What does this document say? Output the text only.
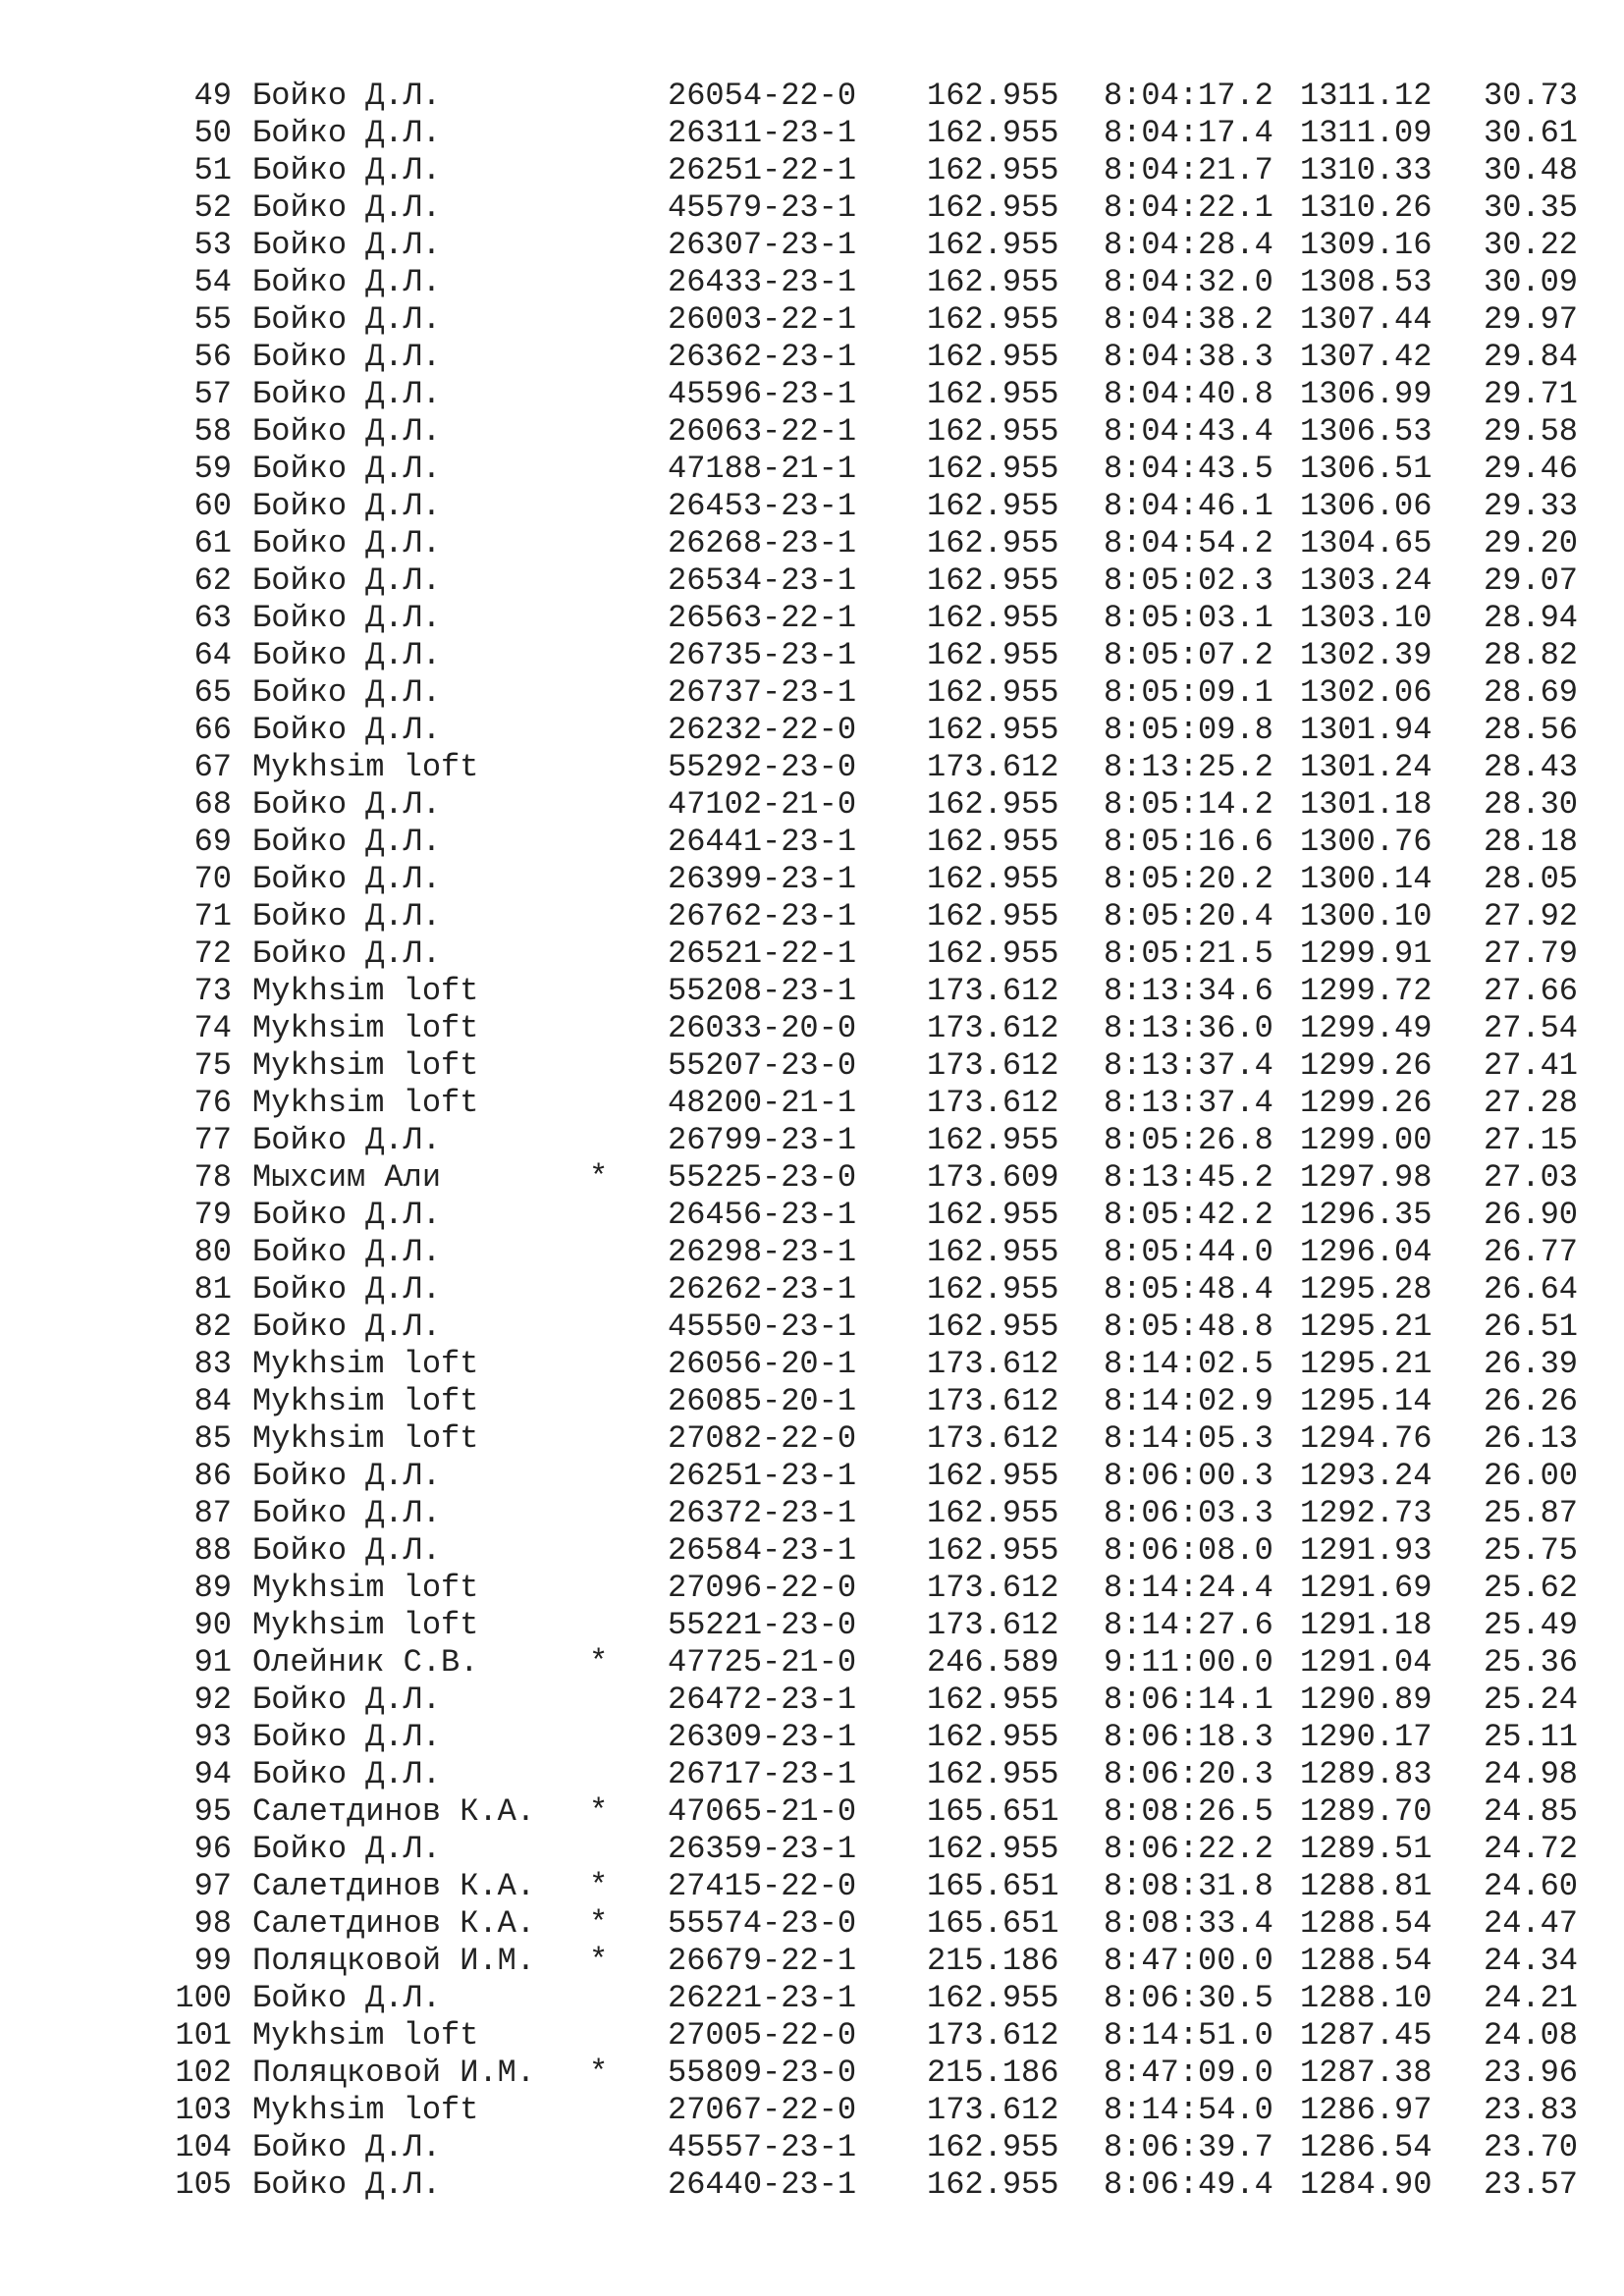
49 Бойко Д.Л.	26054-22-0 162.955 8:04:17.2 1311.12 30.73
50 Бойко Д.Л.	26311-23-1 162.955 8:04:17.4 1311.09 30.61
51 Бойко Д.Л.	26251-22-1 162.955 8:04:21.7 1310.33 30.48
52 Бойко Д.Л.	45579-23-1 162.955 8:04:22.1 1310.26 30.35
53 Бойко Д.Л.	26307-23-1 162.955 8:04:28.4 1309.16 30.22
54 Бойко Д.Л.	26433-23-1 162.955 8:04:32.0 1308.53 30.09
55 Бойко Д.Л.	26003-22-1 162.955 8:04:38.2 1307.44 29.97
56 Бойко Д.Л.	26362-23-1 162.955 8:04:38.3 1307.42 29.84
57 Бойко Д.Л.	45596-23-1 162.955 8:04:40.8 1306.99 29.71
58 Бойко Д.Л.	26063-22-1 162.955 8:04:43.4 1306.53 29.58
59 Бойко Д.Л.	47188-21-1 162.955 8:04:43.5 1306.51 29.46
60 Бойко Д.Л.	26453-23-1 162.955 8:04:46.1 1306.06 29.33
61 Бойко Д.Л.	26268-23-1 162.955 8:04:54.2 1304.65 29.20
62 Бойко Д.Л.	26534-23-1 162.955 8:05:02.3 1303.24 29.07
63 Бойко Д.Л.	26563-22-1 162.955 8:05:03.1 1303.10 28.94
64 Бойко Д.Л.	26735-23-1 162.955 8:05:07.2 1302.39 28.82
65 Бойко Д.Л.	26737-23-1 162.955 8:05:09.1 1302.06 28.69
66 Бойко Д.Л.	26232-22-0 162.955 8:05:09.8 1301.94 28.56
67 Mykhsim loft	55292-23-0 173.612 8:13:25.2 1301.24 28.43
68 Бойко Д.Л.	47102-21-0 162.955 8:05:14.2 1301.18 28.30
69 Бойко Д.Л.	26441-23-1 162.955 8:05:16.6 1300.76 28.18
70 Бойко Д.Л.	26399-23-1 162.955 8:05:20.2 1300.14 28.05
71 Бойко Д.Л.	26762-23-1 162.955 8:05:20.4 1300.10 27.92
72 Бойко Д.Л.	26521-22-1 162.955 8:05:21.5 1299.91 27.79
73 Mykhsim loft	55208-23-1 173.612 8:13:34.6 1299.72 27.66
74 Mykhsim loft	26033-20-0 173.612 8:13:36.0 1299.49 27.54
75 Mykhsim loft	55207-23-0 173.612 8:13:37.4 1299.26 27.41
76 Mykhsim loft	48200-21-1 173.612 8:13:37.4 1299.26 27.28
77 Бойко Д.Л.	26799-23-1 162.955 8:05:26.8 1299.00 27.15
78 Мыхсим Али	* 55225-23-0 173.609 8:13:45.2 1297.98 27.03
79 Бойко Д.Л.	26456-23-1 162.955 8:05:42.2 1296.35 26.90
80 Бойко Д.Л.	26298-23-1 162.955 8:05:44.0 1296.04 26.77
81 Бойко Д.Л.	26262-23-1 162.955 8:05:48.4 1295.28 26.64
82 Бойко Д.Л.	45550-23-1 162.955 8:05:48.8 1295.21 26.51
83 Mykhsim loft	26056-20-1 173.612 8:14:02.5 1295.21 26.39
84 Mykhsim loft	26085-20-1 173.612 8:14:02.9 1295.14 26.26
85 Mykhsim loft	27082-22-0 173.612 8:14:05.3 1294.76 26.13
86 Бойко Д.Л.	26251-23-1 162.955 8:06:00.3 1293.24 26.00
87 Бойко Д.Л.	26372-23-1 162.955 8:06:03.3 1292.73 25.87
88 Бойко Д.Л.	26584-23-1 162.955 8:06:08.0 1291.93 25.75
89 Mykhsim loft	27096-22-0 173.612 8:14:24.4 1291.69 25.62
90 Mykhsim loft	55221-23-0 173.612 8:14:27.6 1291.18 25.49
91 Олейник С.В.	* 47725-21-0 246.589 9:11:00.0 1291.04 25.36
92 Бойко Д.Л.	26472-23-1 162.955 8:06:14.1 1290.89 25.24
93 Бойко Д.Л.	26309-23-1 162.955 8:06:18.3 1290.17 25.11
94 Бойко Д.Л.	26717-23-1 162.955 8:06:20.3 1289.83 24.98
95 Салетдинов К.А. * 47065-21-0 165.651 8:08:26.5 1289.70 24.85
96 Бойко Д.Л.	26359-23-1 162.955 8:06:22.2 1289.51 24.72
97 Салетдинов К.А. * 27415-22-0 165.651 8:08:31.8 1288.81 24.60
98 Салетдинов К.А. * 55574-23-0 165.651 8:08:33.4 1288.54 24.47
99 Поляцковой И.М. * 26679-22-1 215.186 8:47:00.0 1288.54 24.34
100 Бойко Д.Л.	26221-23-1 162.955 8:06:30.5 1288.10 24.21
101 Mykhsim loft	27005-22-0 173.612 8:14:51.0 1287.45 24.08
102 Поляцковой И.М. * 55809-23-0 215.186 8:47:09.0 1287.38 23.96
103 Mykhsim loft	27067-22-0 173.612 8:14:54.0 1286.97 23.83
104 Бойко Д.Л.	45557-23-1 162.955 8:06:39.7 1286.54 23.70
105 Бойко Д.Л.	26440-23-1 162.955 8:06:49.4 1284.90 23.57
